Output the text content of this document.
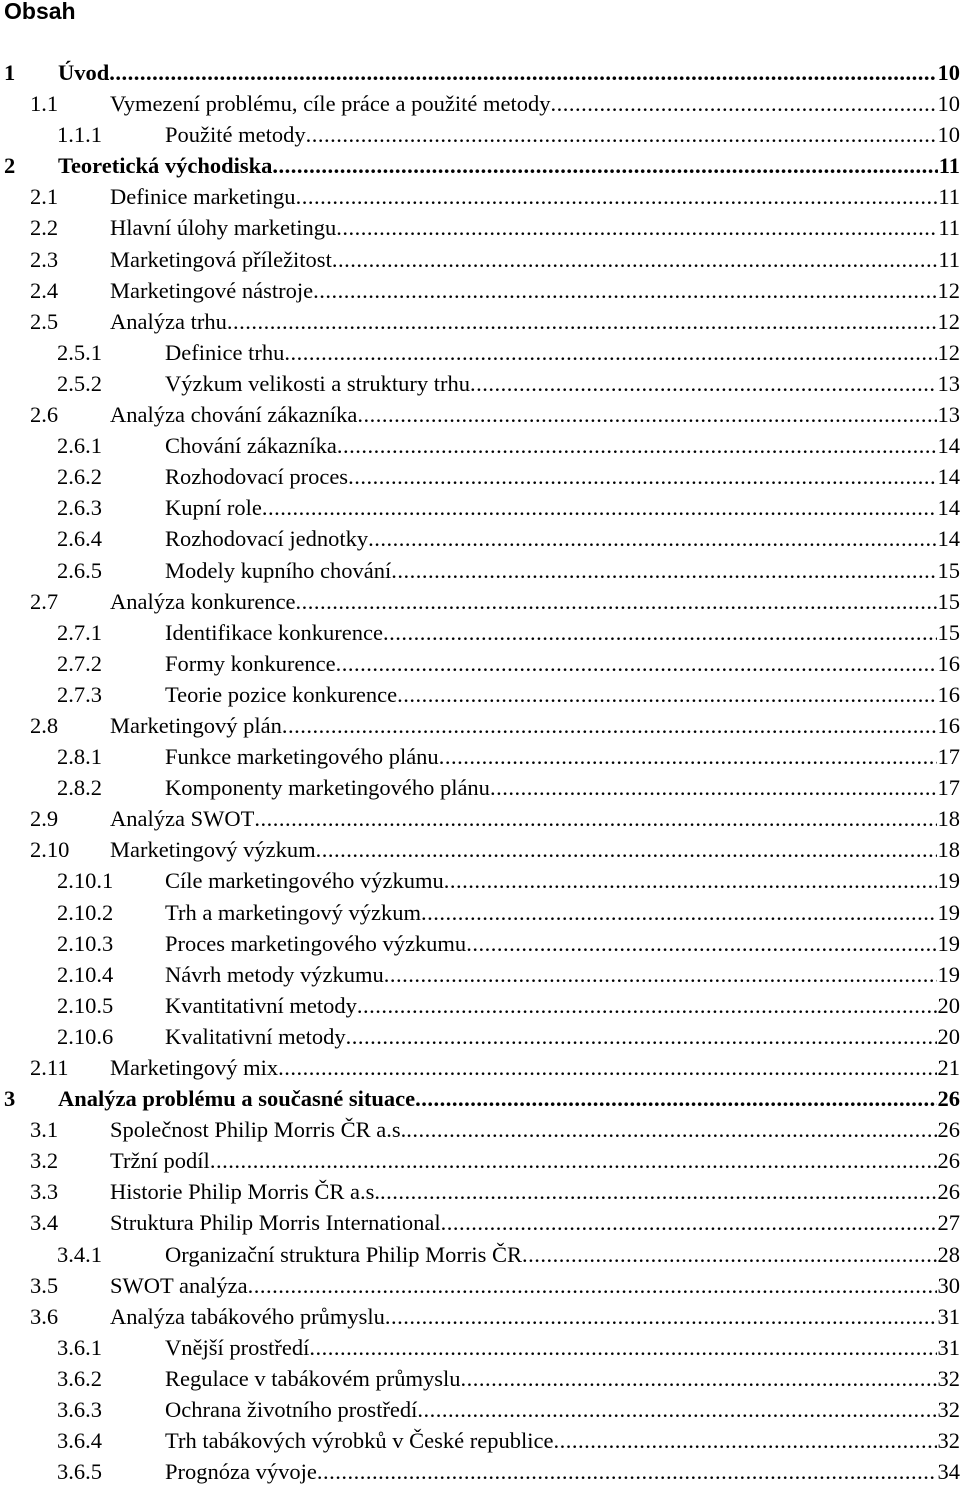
Obsah
1 Úvod .....	10
1.1 Vymezení problému, cíle práce a použité metody .....	10
1.1.1	Použité metody .....	10
2 Teoretická východiska .....	11
2.1 Definice marketingu .....	11
2.2 Hlavní úlohy marketingu .....	11
2.3 Marketingová příležitost .....	11
2.4 Marketingové nástroje .....	12
2.5 Analýza trhu .....	12
2.5.1	Definice trhu .....	12
2.5.2	Výzkum velikosti a struktury trhu .....	13
2.6 Analýza chování zákazníka .....	13
2.6.1	Chování zákazníka .....	14
2.6.2	Rozhodovací proces .....	14
2.6.3	Kupní role .....	14
2.6.4	Rozhodovací jednotky .....	14
2.6.5	Modely kupního chování .....	15
2.7 Analýza konkurence .....	15
2.7.1	Identifikace konkurence .....	15
2.7.2	Formy konkurence .....	16
2.7.3	Teorie pozice konkurence .....	16
2.8 Marketingový plán .....	16
2.8.1	Funkce marketingového plánu .....	17
2.8.2	Komponenty marketingového plánu .....	17
2.9 Analýza SWOT .....	18
2.10 Marketingový výzkum .....	18
2.10.1 Cíle marketingového výzkumu .....	19
2.10.2 Trh a marketingový výzkum .....	19
2.10.3 Proces marketingového výzkumu .....	19
2.10.4 Návrh metody výzkumu .....	19
2.10.5 Kvantitativní metody .....	20
2.10.6 Kvalitativní metody .....	20
2.11 Marketingový mix .....	21
3 Analýza problému a současné situace .....	26
3.1 Společnost Philip Morris ČR a.s. .....	26
3.2 Tržní podíl .....	26
3.3 Historie Philip Morris ČR a.s. .....	26
3.4 Struktura Philip Morris International .....	27
3.4.1	Organizační struktura Philip Morris ČR .....	28
3.5 SWOT analýza .....	30
3.6 Analýza tabákového průmyslu .....	31
3.6.1	Vnější prostředí .....	31
3.6.2	Regulace v tabákovém průmyslu .....	32
3.6.3	Ochrana životního prostředí .....	32
3.6.4	Trh tabákových výrobků v České republice .....	32
3.6.5	Prognóza vývoje .....	34
